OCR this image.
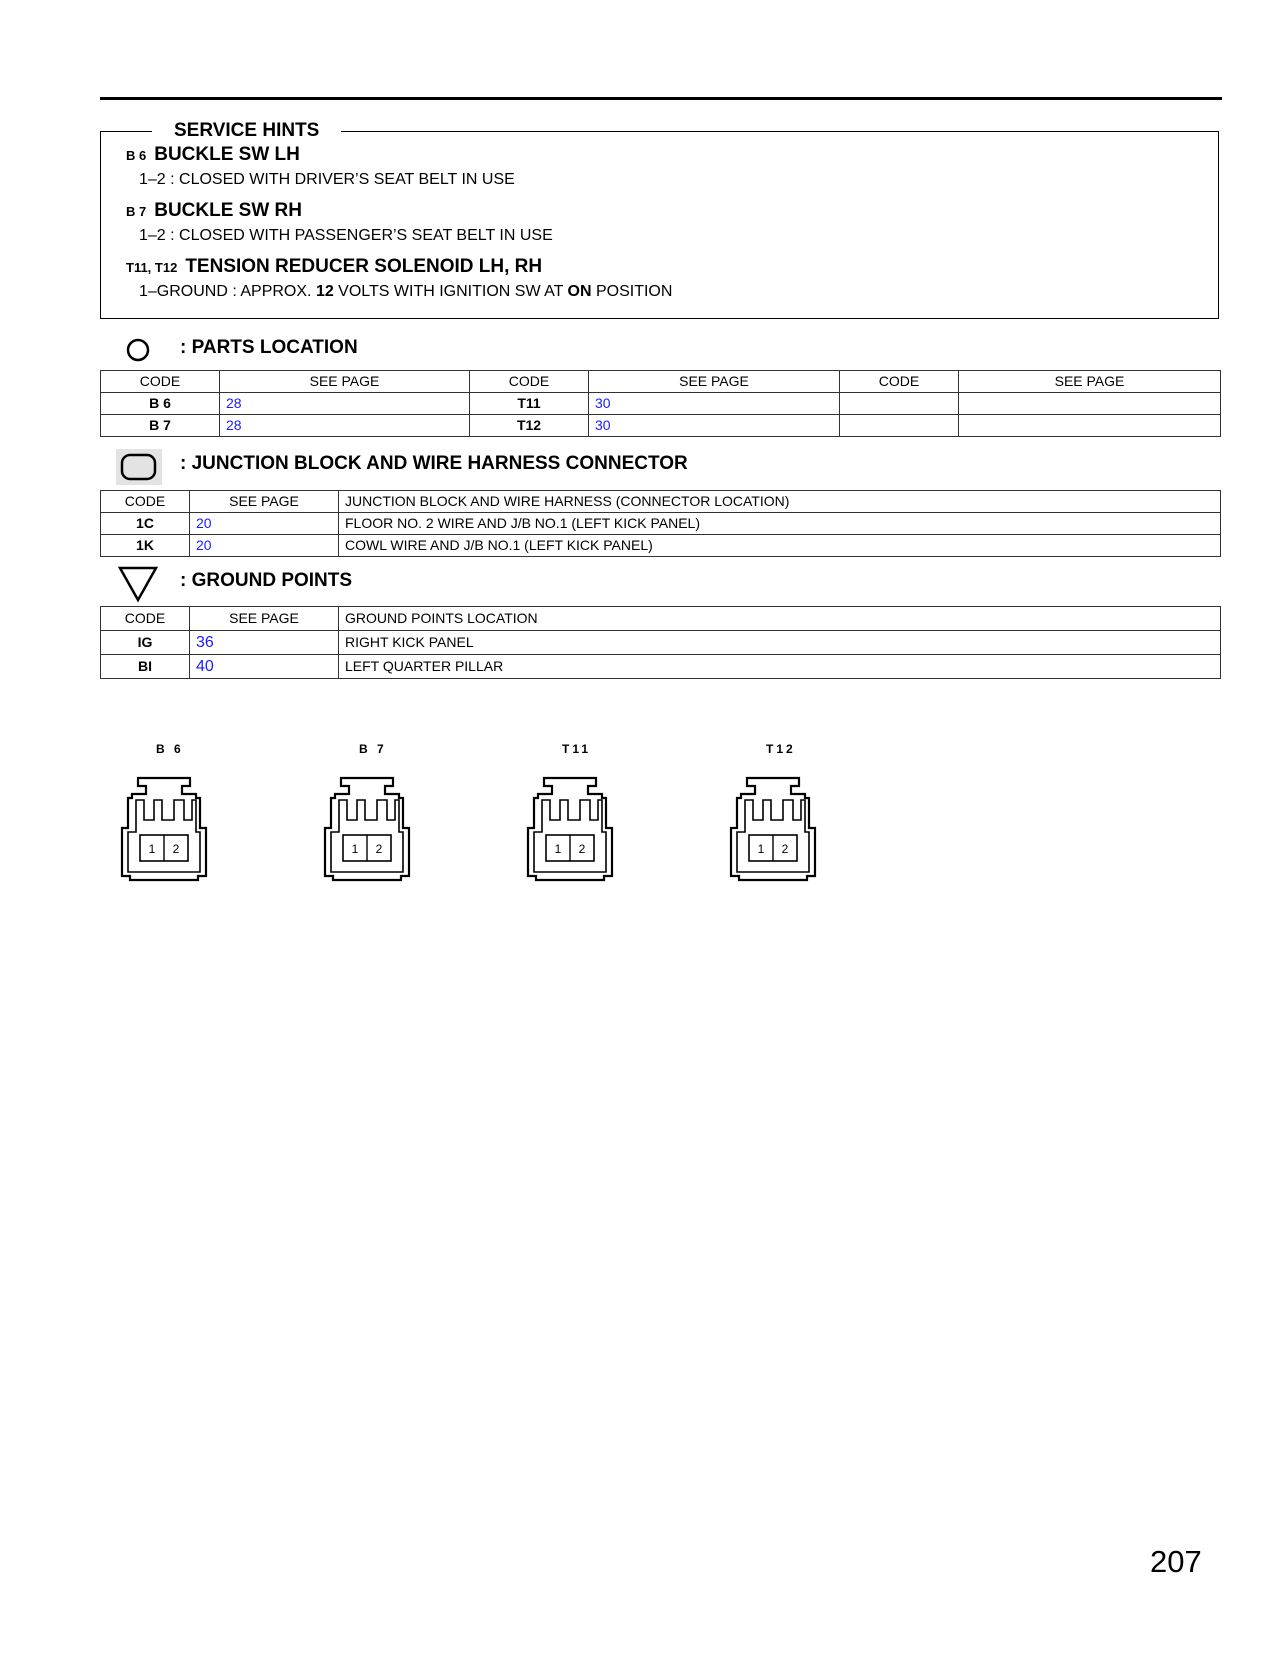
SERVICE HINTS
B 6 BUCKLE SW LH
1–2 : CLOSED WITH DRIVER’S SEAT BELT IN USE
B 7 BUCKLE SW RH
1–2 : CLOSED WITH PASSENGER’S SEAT BELT IN USE
T11, T12 TENSION REDUCER SOLENOID LH, RH
1–GROUND : APPROX. 12 VOLTS WITH IGNITION SW AT ON POSITION
: PARTS LOCATION
CODE	SEE PAGE	CODE	SEE PAGE	CODE	SEE PAGE
B 6	28	T11	30		
B 7	28	T12	30		
: JUNCTION BLOCK AND WIRE HARNESS CONNECTOR
CODE	SEE PAGE	JUNCTION BLOCK AND WIRE HARNESS (CONNECTOR LOCATION)
1C	20	FLOOR NO. 2 WIRE AND J/B NO.1 (LEFT KICK PANEL)
1K	20	COWL WIRE AND J/B NO.1 (LEFT KICK PANEL)
: GROUND POINTS
CODE	SEE PAGE	GROUND POINTS LOCATION
IG	36	RIGHT KICK PANEL
BI	40	LEFT QUARTER PILLAR
B 6	B 7	T11	T12
1 2	1 2	1 2	1 2
207
